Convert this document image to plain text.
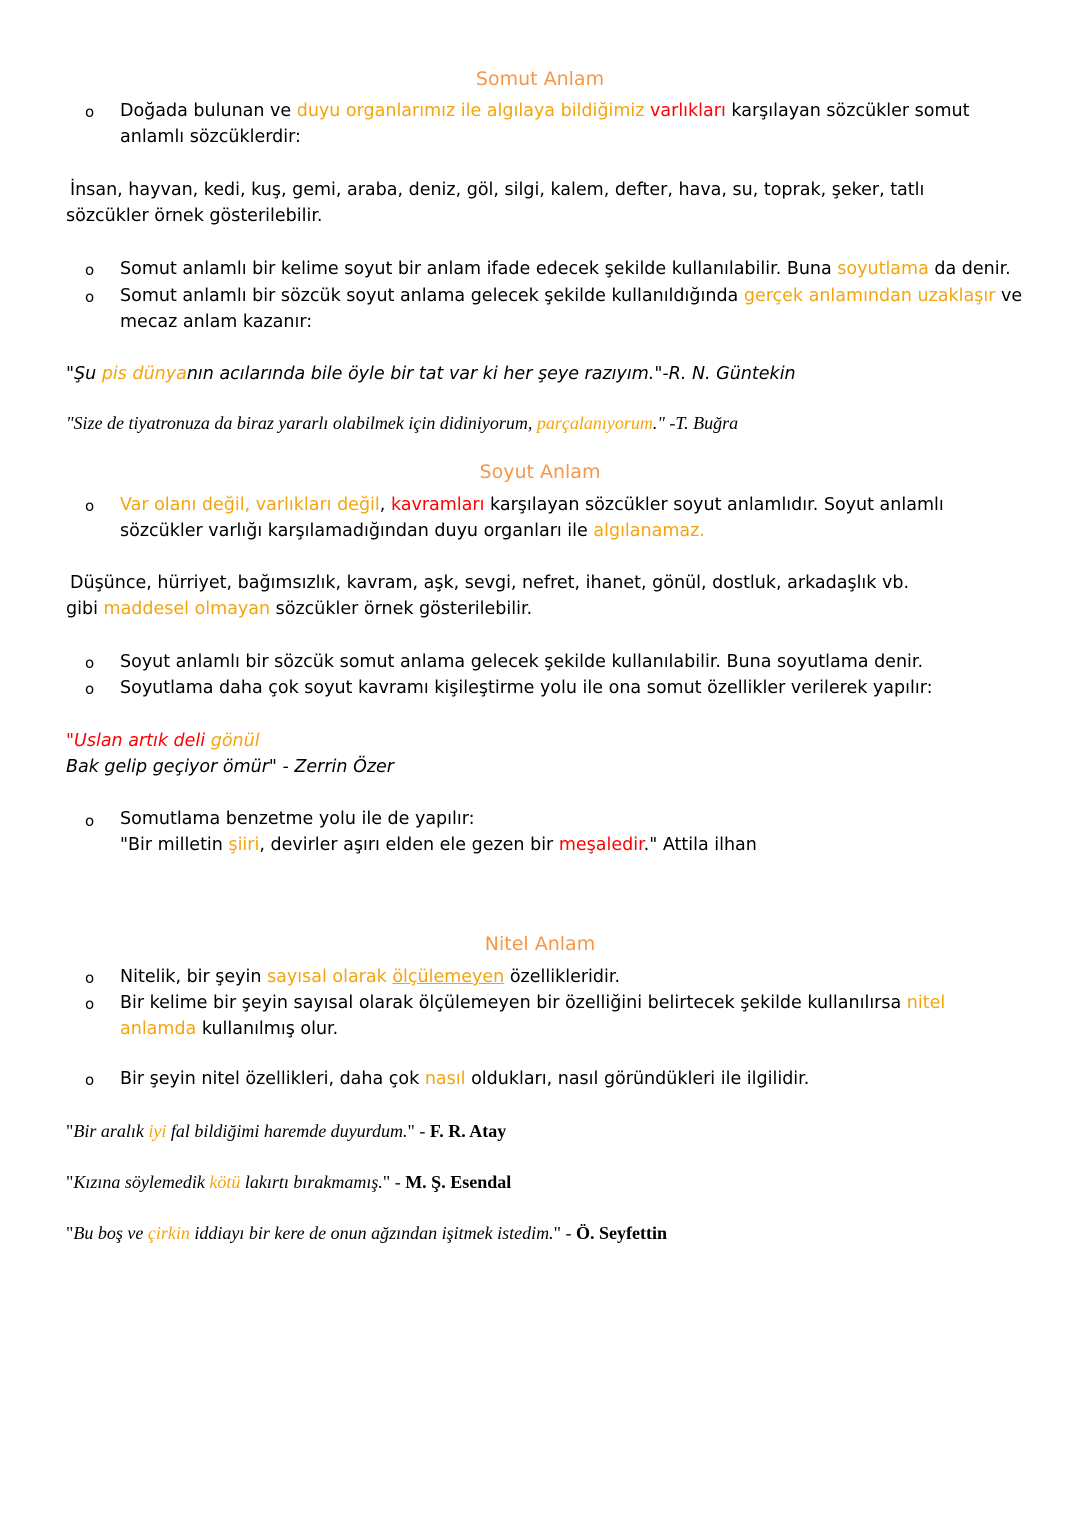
Somut Anlam
o Doğada bulunan ve duyu organlarımız ile algılaya bildiğimiz varlıkları karşılayan sözcükler somut
anlamlı sözcüklerdir:
İnsan, hayvan, kedi, kuş, gemi, araba, deniz, göl, silgi, kalem, defter, hava, su, toprak, şeker, tatlı
sözcükler örnek gösterilebilir.
o Somut anlamlı bir kelime soyut bir anlam ifade edecek şekilde kullanılabilir. Buna soyutlama da denir.
o Somut anlamlı bir sözcük soyut anlama gelecek şekilde kullanıldığında gerçek anlamından uzaklaşır ve
mecaz anlam kazanır:
"Şu pis dünyanın acılarında bile öyle bir tat var ki her şeye razıyım."-R. N. Güntekin
"Size de tiyatronuza da biraz yararlı olabilmek için didiniyorum, parçalanıyorum." -T. Buğra
Soyut Anlam
o Var olanı değil, varlıkları değil, kavramları karşılayan sözcükler soyut anlamlıdır. Soyut anlamlı
sözcükler varlığı karşılamadığından duyu organları ile algılanamaz.
Düşünce, hürriyet, bağımsızlık, kavram, aşk, sevgi, nefret, ihanet, gönül, dostluk, arkadaşlık vb.
gibi maddesel olmayan sözcükler örnek gösterilebilir.
o Soyut anlamlı bir sözcük somut anlama gelecek şekilde kullanılabilir. Buna soyutlama denir.
o Soyutlama daha çok soyut kavramı kişileştirme yolu ile ona somut özellikler verilerek yapılır:
"Uslan artık deli gönül
Bak gelip geçiyor ömür" - Zerrin Özer
o Somutlama benzetme yolu ile de yapılır:
"Bir milletin şiiri, devirler aşırı elden ele gezen bir meşaledir." Attila ilhan
Nitel Anlam
o Nitelik, bir şeyin sayısal olarak ölçülemeyen özellikleridir.
o Bir kelime bir şeyin sayısal olarak ölçülemeyen bir özelliğini belirtecek şekilde kullanılırsa nitel
anlamda kullanılmış olur.
o Bir şeyin nitel özellikleri, daha çok nasıl oldukları, nasıl göründükleri ile ilgilidir.
"Bir aralık iyi fal bildiğimi haremde duyurdum." - F. R. Atay
"Kızına söylemedik kötü lakırtı bırakmamış." - M. Ş. Esendal
"Bu boş ve çirkin iddiayı bir kere de onun ağzından işitmek istedim." - Ö. Seyfettin
